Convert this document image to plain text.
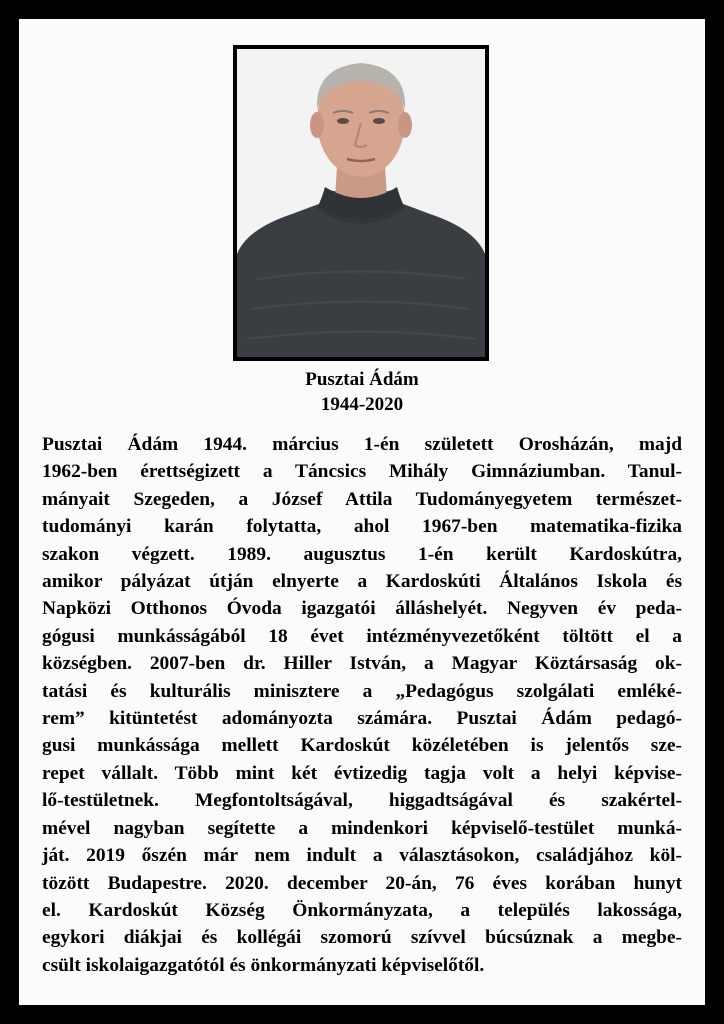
Pusztai Ádám
1944-2020
Pusztai Ádám 1944. március 1-én született Orosházán, majd
1962-ben érettségizett a Táncsics Mihály Gimnáziumban. Tanul-
mányait Szegeden, a József Attila Tudományegyetem természet-
tudományi karán folytatta, ahol 1967-ben matematika-fizika
szakon végzett. 1989. augusztus 1-én került Kardoskútra,
amikor pályázat útján elnyerte a Kardoskúti Általános Iskola és
Napközi Otthonos Óvoda igazgatói álláshelyét. Negyven év peda-
gógusi munkásságából 18 évet intézményvezetőként töltött el a
községben. 2007-ben dr. Hiller István, a Magyar Köztársaság ok-
tatási és kulturális minisztere a „Pedagógus szolgálati emléké-
rem” kitüntetést adományozta számára. Pusztai Ádám pedagó-
gusi munkássága mellett Kardoskút közéletében is jelentős sze-
repet vállalt. Több mint két évtizedig tagja volt a helyi képvise-
lő-testületnek. Megfontoltságával, higgadtságával és szakértel-
mével nagyban segítette a mindenkori képviselő-testület munká-
ját. 2019 őszén már nem indult a választásokon, családjához köl-
tözött Budapestre. 2020. december 20-án, 76 éves korában hunyt
el. Kardoskút Község Önkormányzata, a település lakossága,
egykori diákjai és kollégái szomorú szívvel búcsúznak a megbe-
csült iskolaigazgatótól és önkormányzati képviselőtől.
